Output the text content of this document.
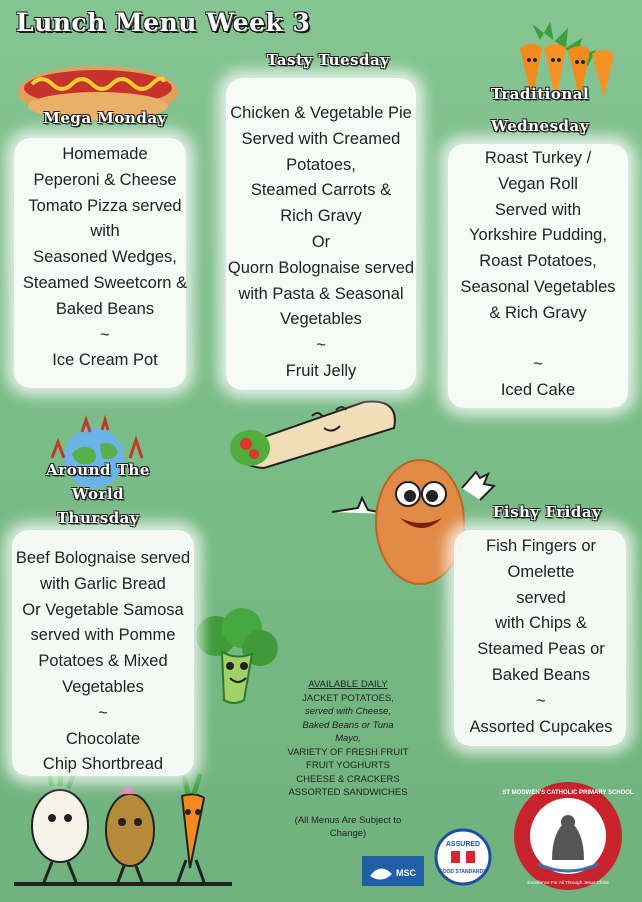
Lunch Menu Week 3
Mega Monday
Homemade
Peperoni & Cheese
Tomato Pizza served
with
Seasoned Wedges,
Steamed Sweetcorn &
Baked Beans
~
Ice Cream Pot
Tasty Tuesday
Chicken & Vegetable Pie
Served with Creamed
Potatoes,
Steamed Carrots &
Rich Gravy
Or
Quorn Bolognaise served
with Pasta & Seasonal
Vegetables
~
Fruit Jelly
Traditional
Wednesday
Roast Turkey /
Vegan Roll
Served with
Yorkshire Pudding,
Roast Potatoes,
Seasonal Vegetables
& Rich Gravy

~
Iced Cake
Around The
World
Thursday
Beef Bolognaise served
with Garlic Bread
Or Vegetable Samosa
served with Pomme
Potatoes & Mixed
Vegetables
~
Chocolate
Chip Shortbread
Fishy Friday
Fish Fingers or
Omelette
served
with Chips &
Steamed Peas or
Baked Beans
~
Assorted Cupcakes
AVAILABLE DAILY
JACKET POTATOES,
served with Cheese,
Baked Beans or Tuna
Mayo,
VARIETY OF FRESH FRUIT
FRUIT YOGHURTS
CHEESE & CRACKERS
ASSORTED SANDWICHES
(All Menus Are Subject to
Change)
MSC
ASSURED
FOOD STANDARDS
ST MODWEN'S CATHOLIC PRIMARY SCHOOL
Excellence For All Through Jesus Christ
